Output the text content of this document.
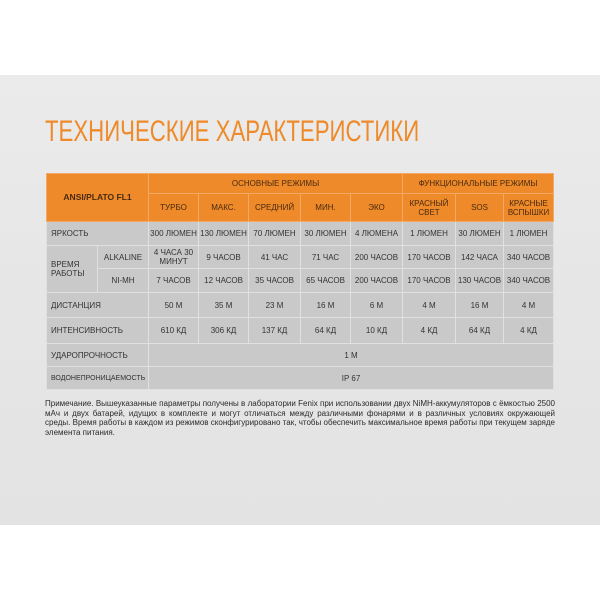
ТЕХНИЧЕСКИЕ ХАРАКТЕРИСТИКИ
ANSI/PLATO FL1		ОСНОВНЫЕ РЕЖИМЫ					ФУНКЦИОНАЛЬНЫЕ РЕЖИМЫ		
		ТУРБО	МАКС.	СРЕДНИЙ	МИН.	ЭКО	КРАСНЫЙ СВЕТ	SOS	КРАСНЫЕ ВСПЫШКИ
ЯРКОСТЬ		300 ЛЮМЕН	130 ЛЮМЕН	70 ЛЮМЕН	30 ЛЮМЕН	4 ЛЮМЕНА	1 ЛЮМЕН	30 ЛЮМЕН	1 ЛЮМЕН
ВРЕМЯ РАБОТЫ	ALKALINE	4 ЧАСА 30 МИНУТ	9 ЧАСОВ	41 ЧАС	71 ЧАС	200 ЧАСОВ	170 ЧАСОВ	142 ЧАСА	340 ЧАСОВ
	NI-MH	7 ЧАСОВ	12 ЧАСОВ	35 ЧАСОВ	65 ЧАСОВ	200 ЧАСОВ	170 ЧАСОВ	130 ЧАСОВ	340 ЧАСОВ
ДИСТАНЦИЯ		50 М	35 М	23 М	16 М	6 М	4 М	16 М	4 М
ИНТЕНСИВНОСТЬ		610 КД	306 КД	137 КД	64 КД	10 КД	4 КД	64 КД	4 КД
УДАРОПРОЧНОСТЬ		1 М							
ВОДОНЕПРОНИЦАЕМОСТЬ		IP 67							
Примечание. Вышеуказанные параметры получены в лаборатории Fenix при использовании двух NiMH-аккумуляторов с ёмкостью 2500 мАч и двух батарей, идущих в комплекте и могут отличаться между различными фонарями и в различных условиях окружающей среды. Время работы в каждом из режимов сконфигурировано так, чтобы обеспечить максимальное время работы при текущем заряде элемента питания.
